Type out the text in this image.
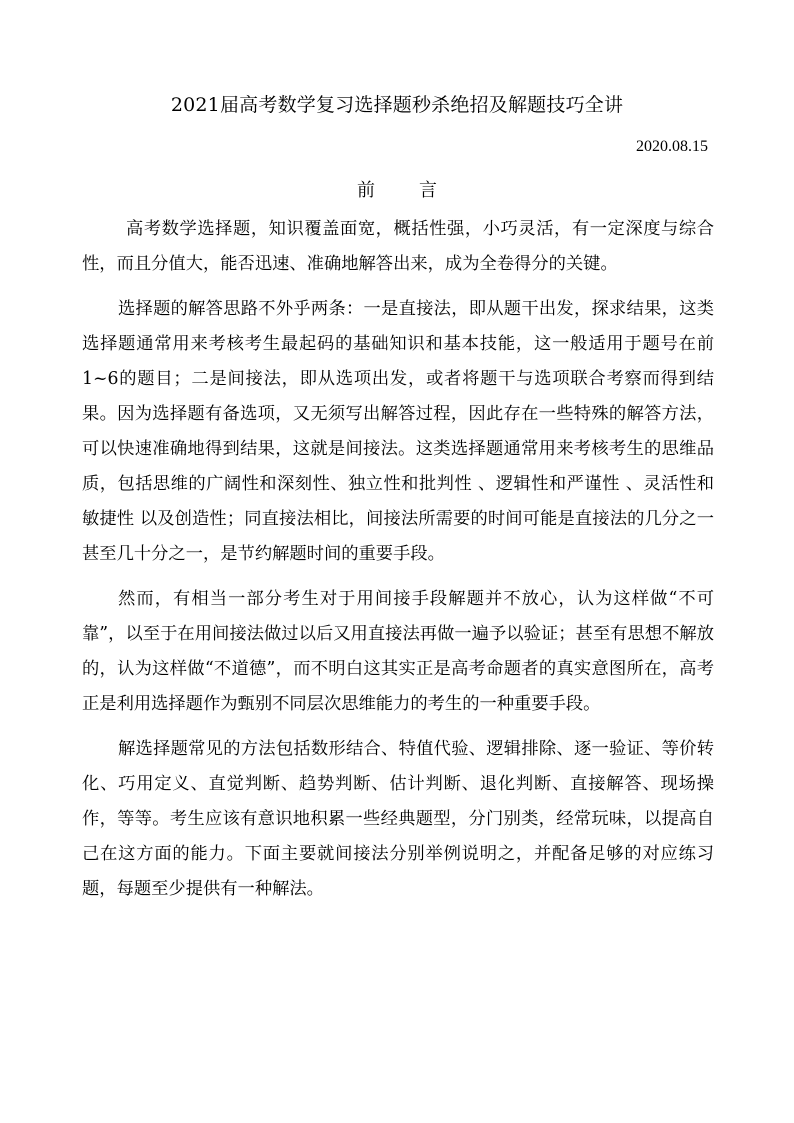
2021届高考数学复习选择题秒杀绝招及解题技巧全讲
2020.08.15
前 言

高考数学选择题，知识覆盖面宽，概括性强，小巧灵活，有一定深度与综合性，而且分值大，能否迅速、准确地解答出来，成为全卷得分的关键。

选择题的解答思路不外乎两条：一是直接法，即从题干出发，探求结果，这类选择题通常用来考核考生最起码的基础知识和基本技能，这一般适用于题号在前1~6的题目；二是间接法，即从选项出发，或者将题干与选项联合考察而得到结果。因为选择题有备选项，又无须写出解答过程，因此存在一些特殊的解答方法，可以快速准确地得到结果，这就是间接法。这类选择题通常用来考核考生的思维品质，包括思维的广阔性和深刻性、独立性和批判性 、逻辑性和严谨性 、灵活性和敏捷性 以及创造性；同直接法相比，间接法所需要的时间可能是直接法的几分之一甚至几十分之一，是节约解题时间的重要手段。

然而，有相当一部分考生对于用间接手段解题并不放心，认为这样做“不可靠”，以至于在用间接法做过以后又用直接法再做一遍予以验证；甚至有思想不解放的，认为这样做“不道德”，而不明白这其实正是高考命题者的真实意图所在，高考正是利用选择题作为甄别不同层次思维能力的考生的一种重要手段。

解选择题常见的方法包括数形结合、特值代验、逻辑排除、逐一验证、等价转化、巧用定义、直觉判断、趋势判断、估计判断、退化判断、直接解答、现场操作，等等。考生应该有意识地积累一些经典题型，分门别类，经常玩味，以提高自己在这方面的能力。下面主要就间接法分别举例说明之，并配备足够的对应练习题，每题至少提供有一种解法。
